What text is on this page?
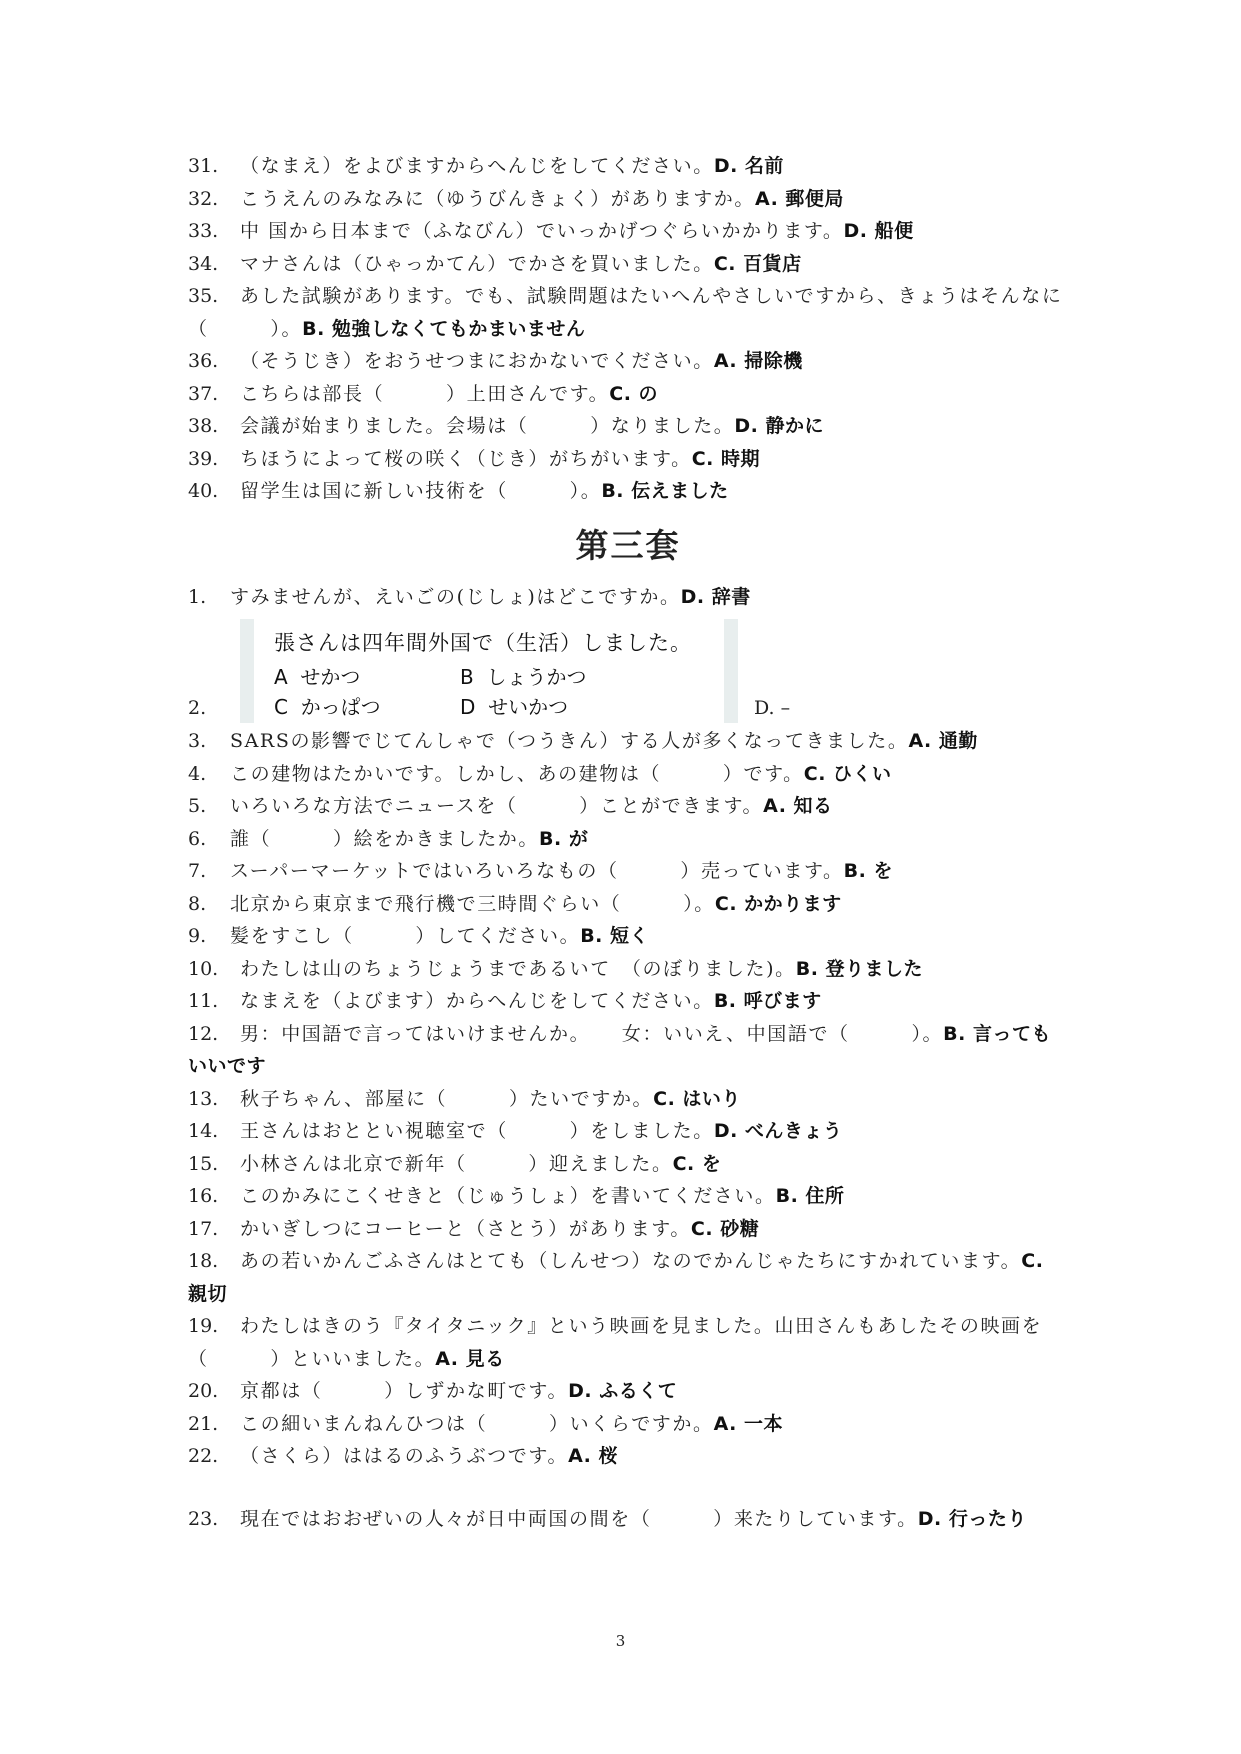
31. （なまえ）をよびますからへんじをしてください。D. 名前
32. こうえんのみなみに（ゆうびんきょく）がありますか。A. 郵便局
33. 中 国から日本まで（ふなびん）でいっかげつぐらいかかります。D. 船便
34. マナさんは（ひゃっかてん）でかさを買いました。C. 百貨店
35. あした試験があります。でも、試験問題はたいへんやさしいですから、きょうはそんなに（　　　）。B. 勉強しなくてもかまいません
36. （そうじき）をおうせつまにおかないでください。A. 掃除機
37. こちらは部長（　　　）上田さんです。C. の
38. 会議が始まりました。会場は（　　　）なりました。D. 静かに
39. ちほうによって桜の咲く（じき）がちがいます。C. 時期
40. 留学生は国に新しい技術を（　　　）。B. 伝えました
第三套
1. すみませんが、えいごの(じしょ)はどこですか。D. 辞書
2.
張さんは四年間外国で（生活）しました。
A せかつ	B しょうかつ
C かっぱつ	D せいかつ	D. –
3. SARSの影響でじてんしゃで（つうきん）する人が多くなってきました。A. 通勤
4. この建物はたかいです。しかし、あの建物は（　　　）です。C. ひくい
5. いろいろな方法でニュースを（　　　）ことができます。A. 知る
6. 誰（　　　）絵をかきましたか。B. が
7. スーパーマーケットではいろいろなもの（　　　）売っています。B. を
8. 北京から東京まで飛行機で三時間ぐらい（　　　）。C. かかります
9. 髪をすこし（　　　）してください。B. 短く
10. わたしは山のちょうじょうまであるいて　（のぼりました)。B. 登りました
11. なまえを（よびます）からへんじをしてください。B. 呼びます
12. 男：中国語で言ってはいけませんか。　　女：いいえ、中国語で（　　　）。B. 言ってもいいです
13. 秋子ちゃん、部屋に（　　　）たいですか。C. はいり
14. 王さんはおととい視聴室で（　　　）をしました。D. べんきょう
15. 小林さんは北京で新年（　　　）迎えました。C. を
16. このかみにこくせきと（じゅうしょ）を書いてください。B. 住所
17. かいぎしつにコーヒーと（さとう）があります。C. 砂糖
18. あの若いかんごふさんはとても（しんせつ）なのでかんじゃたちにすかれています。C. 親切
19. わたしはきのう『タイタニック』という映画を見ました。山田さんもあしたその映画を（　　　）といいました。A. 見る
20. 京都は（　　　）しずかな町です。D. ふるくて
21. この細いまんねんひつは（　　　）いくらですか。A. 一本
22. （さくら）ははるのふうぶつです。A. 桜
23. 現在ではおおぜいの人々が日中両国の間を（　　　）来たりしています。D. 行ったり
3
